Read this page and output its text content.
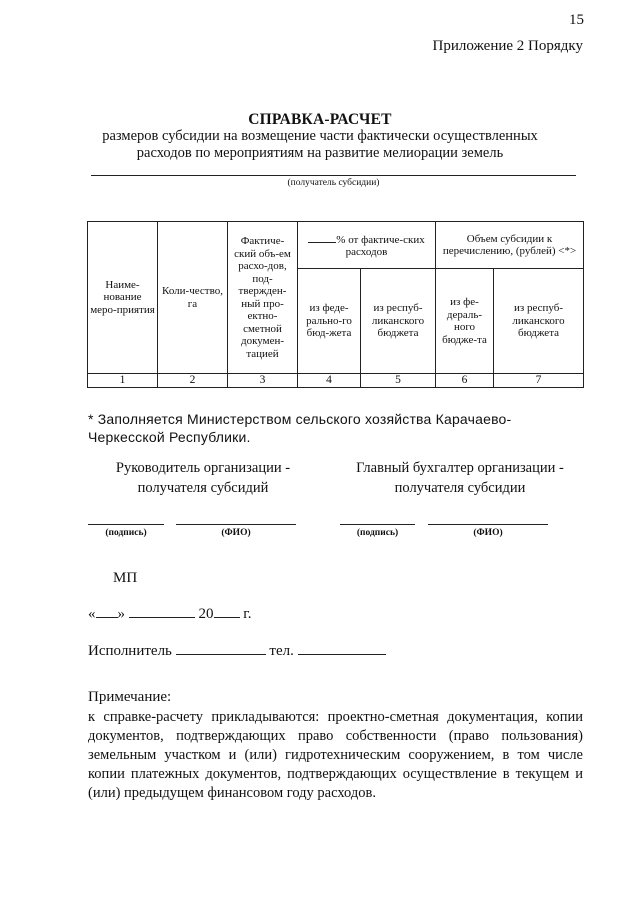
15
Приложение 2 Порядку
СПРАВКА-РАСЧЕТ
размеров субсидии на возмещение части фактически осуществленных расходов по мероприятиям на развитие мелиорации земель
(получатель субсидии)
Наиме-нование меро-приятия	Коли-чество, га	Фактиче-ский объ-ем расхо-дов, под-твержден-ный про-ектно-сметной докумен-тацией	% от фактиче-ских расходов		Объем субсидии к перечислению, (рублей) <*>	
			из феде-рально-го бюд-жета	из респуб-ликанского бюджета	из фе-дераль-ного бюдже-та	из респуб-ликанского бюджета
1	2	3	4	5	6	7
* Заполняется Министерством сельского хозяйства Карачаево-Черкесской Республики.
Руководитель организации - получателя субсидий
Главный бухгалтер организации - получателя субсидии
(подпись)	(ФИО)	(подпись)	(ФИО)
МП
« »	20 г.
Исполнитель	тел.
Примечание:
к справке-расчету прикладываются: проектно-сметная документация, копии документов, подтверждающих право собственности (право пользования) земельным участком и (или) гидротехническим сооружением, в том числе копии платежных документов, подтверждающих осуществление в текущем и (или) предыдущем финансовом году расходов.
